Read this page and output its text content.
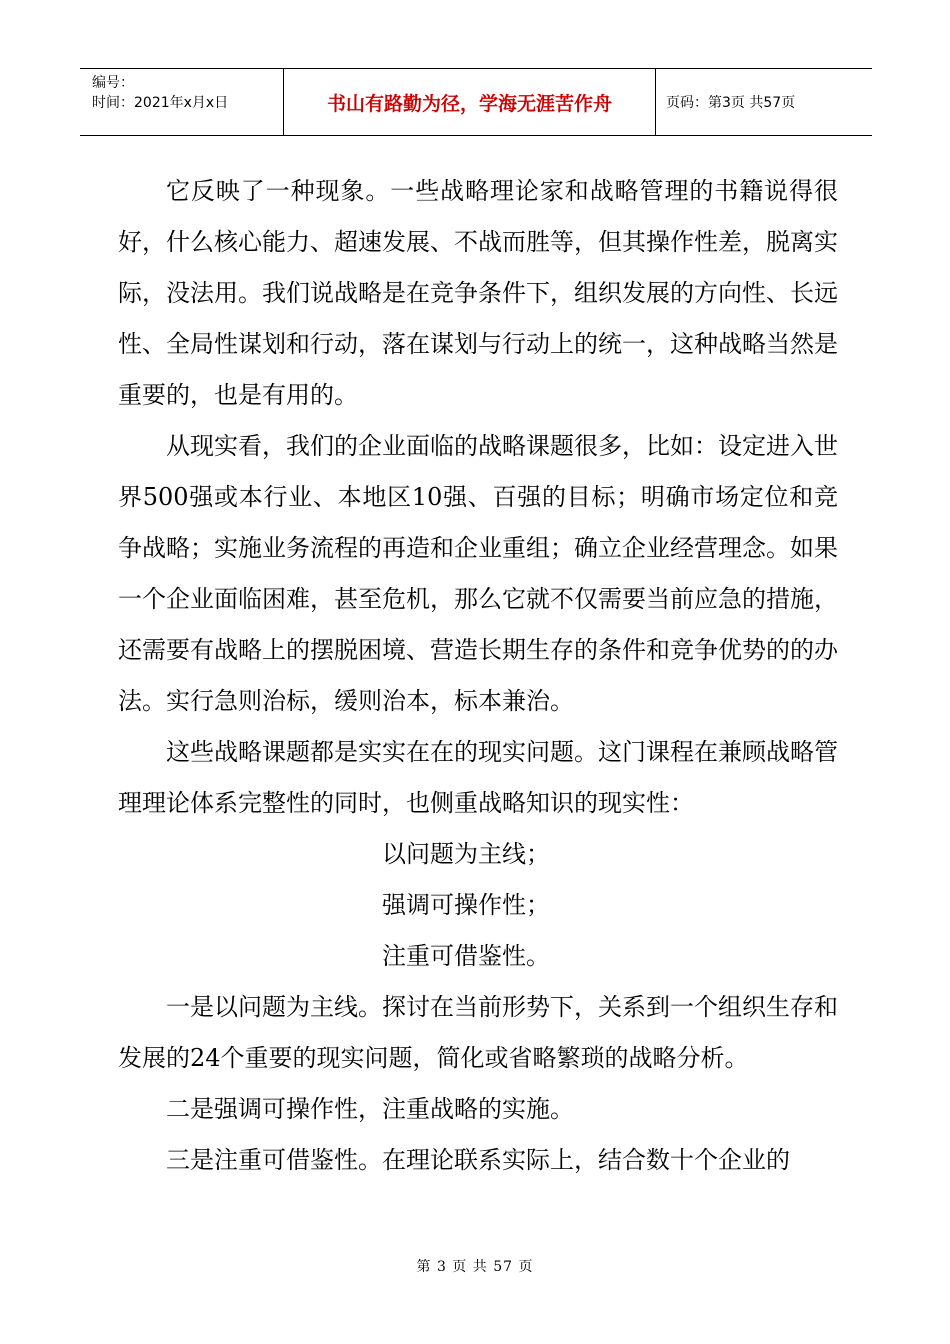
编号：
时间：2021年x月x日	书山有路勤为径，学海无涯苦作舟	页码：第3页 共57页

它反映了一种现象。一些战略理论家和战略管理的书籍说得很好，什么核心能力、超速发展、不战而胜等，但其操作性差，脱离实际，没法用。我们说战略是在竞争条件下，组织发展的方向性、长远性、全局性谋划和行动，落在谋划与行动上的统一，这种战略当然是重要的，也是有用的。

从现实看，我们的企业面临的战略课题很多，比如：设定进入世界500强或本行业、本地区10强、百强的目标；明确市场定位和竞争战略；实施业务流程的再造和企业重组；确立企业经营理念。如果一个企业面临困难，甚至危机，那么它就不仅需要当前应急的措施，还需要有战略上的摆脱困境、营造长期生存的条件和竞争优势的的办法。实行急则治标，缓则治本，标本兼治。

这些战略课题都是实实在在的现实问题。这门课程在兼顾战略管理理论体系完整性的同时，也侧重战略知识的现实性：

以问题为主线；

强调可操作性；

注重可借鉴性。

一是以问题为主线。探讨在当前形势下，关系到一个组织生存和发展的24个重要的现实问题，简化或省略繁琐的战略分析。

二是强调可操作性，注重战略的实施。

三是注重可借鉴性。在理论联系实际上，结合数十个企业的

第 3 页 共 57 页
